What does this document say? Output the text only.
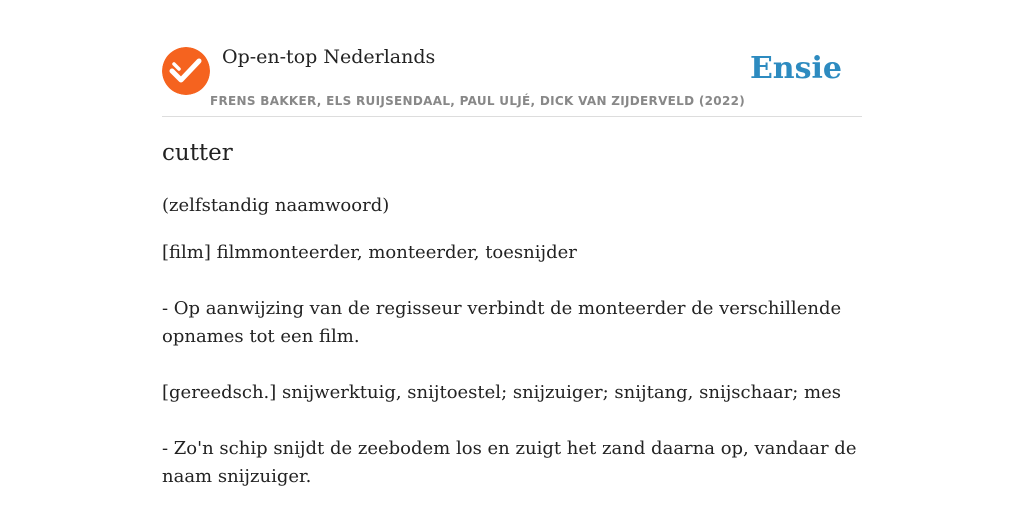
Op-en-top Nederlands
FRENS BAKKER, ELS RUIJSENDAAL, PAUL ULJÉ, DICK VAN ZIJDERVELD (2022)
Ensie
cutter
(zelfstandig naamwoord)
[film] filmmonteerder, monteerder, toesnijder
- Op aanwijzing van de regisseur verbindt de monteerder de verschillende opnames tot een film.
[gereedsch.] snijwerktuig, snijtoestel; snijzuiger; snijtang, snijschaar; mes
- Zo'n schip snijdt de zeebodem los en zuigt het zand daarna op, vandaar de naam snijzuiger.
